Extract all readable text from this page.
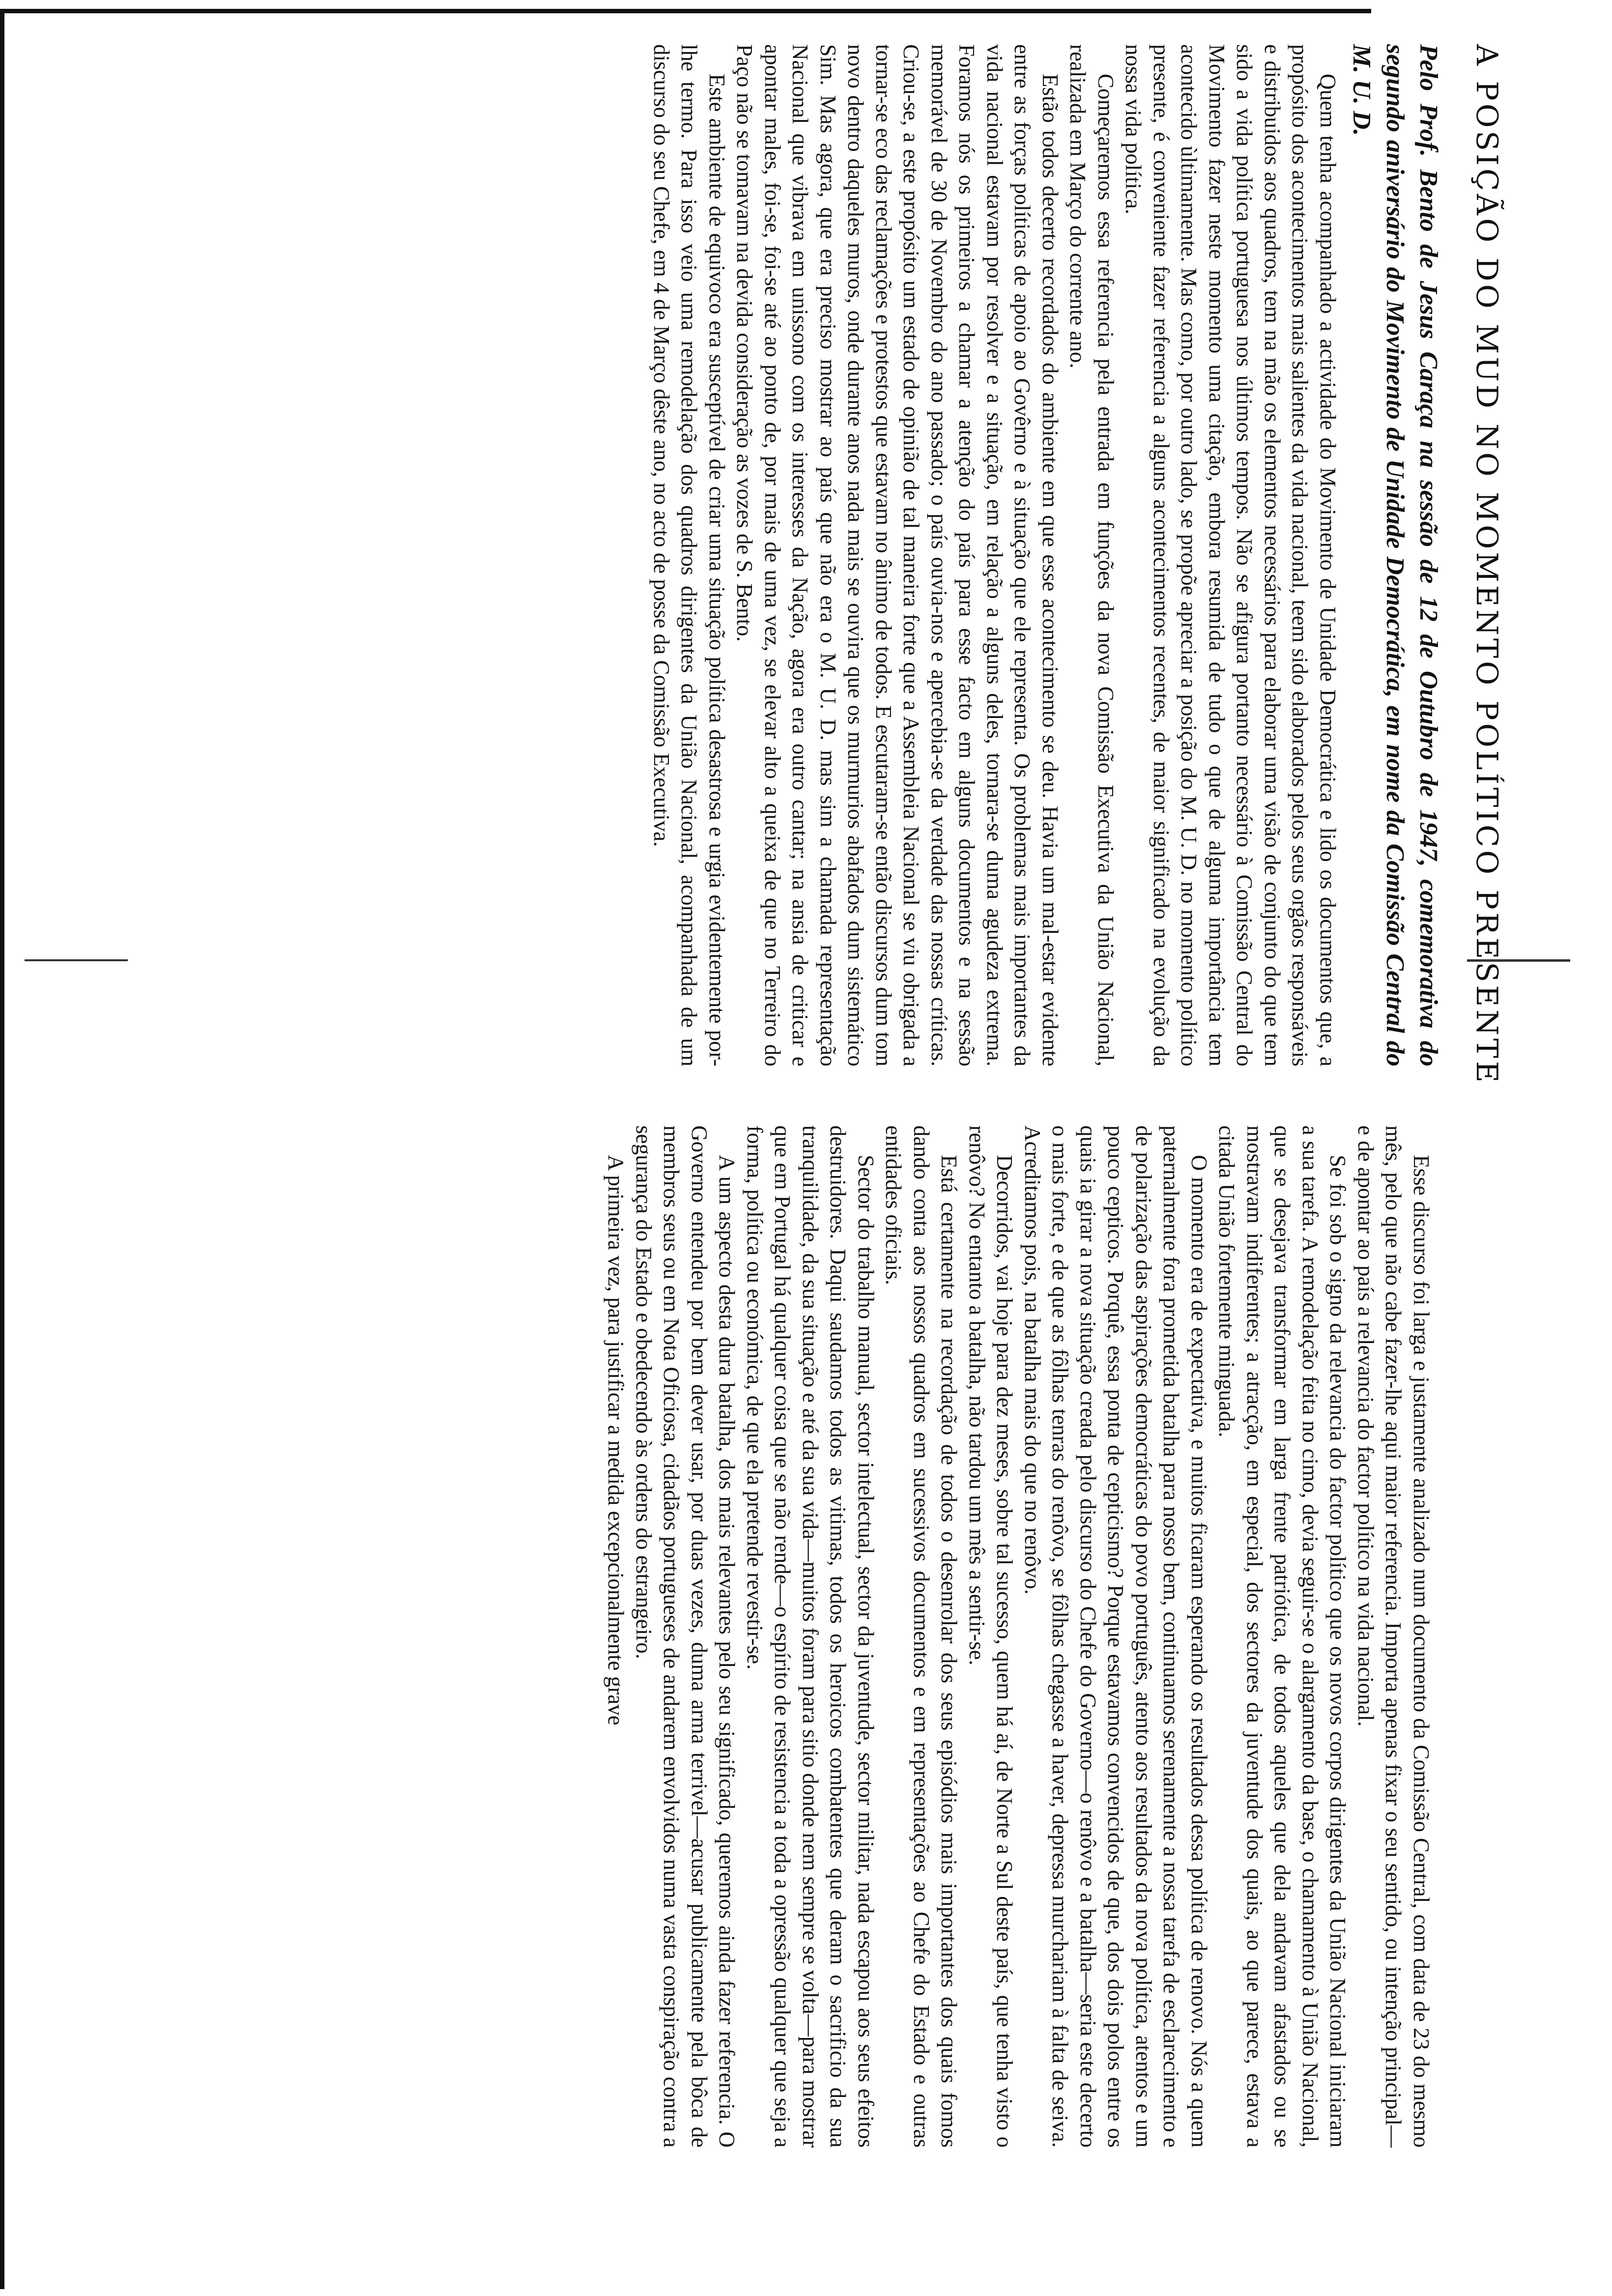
A POSIÇÃO DO MUD NO MOMENTO POLÍTICO PRESENTE
Pelo Prof. Bento de Jesus Caraça na sessão de 12 de Outubro de 1947, comemorativa do segundo aniversário do Movimento de Unidade Democrática, em nome da Comissão Central do M. U. D.

Quem tenha acompanhado a actividade do Movimento de Unidade Democrática e lido os documentos que, a propósito dos acontecimentos mais salientes da vida nacional, teem sido elaborados pelos seus orgãos responsáveis e distribuidos aos quadros, tem na mão os elementos necessários para elaborar uma visão de conjunto do que tem sido a vida política portuguesa nos últimos tempos. Não se afigura portanto necessário à Comissão Central do Movimento fazer neste momento uma citação, embora resumida de tudo o que de alguma importância tem acontecido ùltimamente. Mas como, por outro lado, se propõe apreciar a posição do M. U. D. no momento político presente, é conveniente fazer referencia a alguns acontecimentos recentes, de maior significado na evolução da nossa vida política.

Começaremos essa referencia pela entrada em funções da nova Comissão Executiva da União Nacional, realizada em Março do corrente ano.

Estão todos decerto recordados do ambiente em que esse acontecimento se deu. Havia um mal-estar evidente entre as forças políticas de apoio ao Govêrno e à situação que ele representa. Os problemas mais importantes da vida nacional estavam por resolver e a situação, em relação a alguns deles, tornara-se duma agudeza extrema. Foramos nós os primeiros a chamar a atenção do país para esse facto em alguns documentos e na sessão memorável de 30 de Novembro do ano passado; o país ouvia-nos e apercebia-se da verdade das nossas críticas. Criou-se, a este propósito um estado de opinião de tal maneira forte que a Assembleia Nacional se viu obrigada a tornar-se eco das reclamações e protestos que estavam no ânimo de todos. E escutaram-se então discursos dum tom novo dentro daqueles muros, onde durante anos nada mais se ouvira que os murmurios abafados dum sistemático Sim. Mas agora, que era preciso mostrar ao país que não era o M. U. D. mas sim a chamada representação Nacional que vibrava em unissono com os interesses da Nação, agora era outro cantar; na ansia de criticar e apontar males, foi-se, foi-se até ao ponto de, por mais de uma vez, se elevar alto a queixa de que no Terreiro do Paço não se tomavam na devida consideração as vozes de S. Bento.

Este ambiente de equivoco era susceptível de criar uma situação política desastrosa e urgia evidentemente por-lhe termo. Para isso veio uma remodelação dos quadros dirigentes da União Nacional, acompanhada de um discurso do seu Chefe, em 4 de Março dêste ano, no acto de posse da Comissão Executiva.

Esse discurso foi larga e justamente analizado num documento da Comissão Central, com data de 23 do mesmo mês, pelo que não cabe fazer-lhe aqui maior referencia. Importa apenas fixar o seu sentido, ou intenção principal—e de apontar ao país a relevancia do factor político na vida nacional.

Se foi sob o signo da relevancia do factor político que os novos corpos dirigentes da União Nacional iniciaram a sua tarefa. A remodelação feita no cimo, devia seguir-se o alargamento da base, o chamamento à União Nacional, que se desejava transformar em larga frente patriótica, de todos aqueles que dela andavam afastados ou se mostravam indiferentes; a atracção, em especial, dos sectores da juventude dos quais, ao que parece, estava a citada União fortemente minguada.

O momento era de expectativa, e muitos ficaram esperando os resultados dessa política de renovo. Nós a quem paternalmente fora prometida batalha para nosso bem, continuamos serenamente a nossa tarefa de esclarecimento e de polarização das aspirações democráticas do povo português, atento aos resultados da nova política, atentos e um pouco cepticos. Porquê, essa ponta de cepticismo? Porque estavamos convencidos de que, dos dois polos entre os quais ia girar a nova situação creada pelo discurso do Chefe do Governo—o renôvo e a batalha—seria este decerto o mais forte, e de que as fôlhas tenras do renôvo, se fôlhas chegasse a haver, depressa murchariam à falta de seiva. Acreditamos pois, na batalha mais do que no renôvo.

Decorridos, vai hoje para dez meses, sobre tal sucesso, quem há aí, de Norte a Sul deste país, que tenha visto o renôvo? No entanto a batalha, não tardou um mês a sentir-se.

Está certamente na recordação de todos o desenrolar dos seus episódios mais importantes dos quais fomos dando conta aos nossos quadros em sucessivos documentos e em representações ao Chefe do Estado e outras entidades oficiais.

Sector do trabalho manual, sector intelectual, sector da juventude, sector militar, nada escapou aos seus efeitos destruidores. Daqui saudamos todos as vitimas, todos os heroicos combatentes que deram o sacrificio da sua tranquilidade, da sua situação e até da sua vida—muitos foram para sitio donde nem sempre se volta—para mostrar que em Portugal há qualquer coisa que se não rende—o espírito de resistencia a toda a opressão qualquer que seja a forma, política ou económica, de que ela pretende revestir-se.

A um aspecto desta dura batalha, dos mais relevantes pelo seu significado, queremos ainda fazer referencia. O Governo entendeu por bem dever usar, por duas vezes, duma arma terrivel—acusar publicamente pela bôca de membros seus ou em Nota Oficiosa, cidadãos portugueses de andarem envolvidos numa vasta conspiração contra a segurança do Estado e obedecendo às ordens do estrangeiro.

A primeira vez, para justificar a medida excepcionalmente grave
